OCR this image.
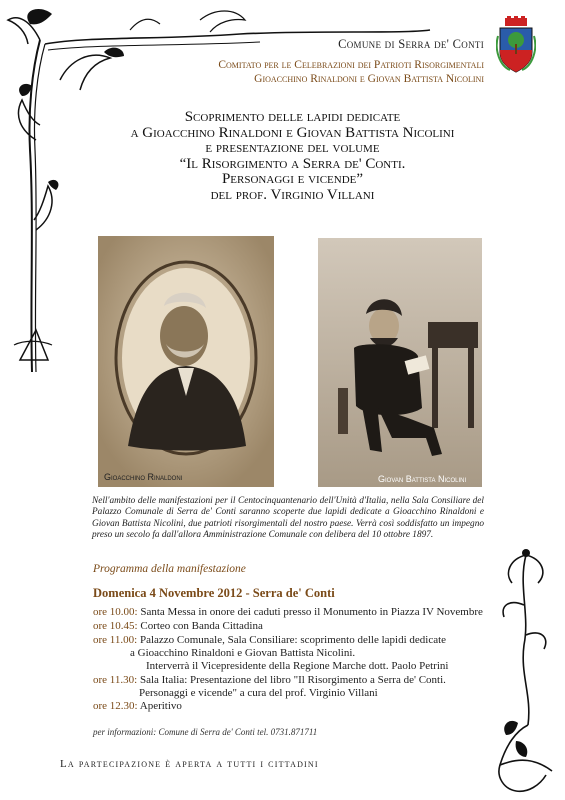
Comune di Serra de' Conti
Comitato per le Celebrazioni dei Patrioti Risorgimentali
Gioacchino Rinaldoni e Giovan Battista Nicolini
Scoprimento delle lapidi dedicate
a Gioacchino Rinaldoni e Giovan Battista Nicolini
e presentazione del volume
“Il Risorgimento a Serra de' Conti.
Personaggi e vicende”
del prof. Virginio Villani
Gioacchino Rinaldoni	Giovan Battista Nicolini
Nell'ambito delle manifestazioni per il Centocinquantenario dell'Unità d'Italia, nella Sala Consiliare del Palazzo Comunale di Serra de' Conti saranno scoperte due lapidi dedicate a Gioacchino Rinaldoni e Giovan Battista Nicolini, due patrioti risorgimentali del nostro paese. Verrà così soddisfatto un impegno preso un secolo fa dall'allora Amministrazione Comunale con delibera del 10 ottobre 1897.
Programma della manifestazione
Domenica 4 Novembre 2012 - Serra de' Conti
ore 10.00: Santa Messa in onore dei caduti presso il Monumento in Piazza IV Novembre
ore 10.45: Corteo con Banda Cittadina
ore 11.00: Palazzo Comunale, Sala Consiliare: scoprimento delle lapidi dedicate
a Gioacchino Rinaldoni e Giovan Battista Nicolini.
Interverrà il Vicepresidente della Regione Marche dott. Paolo Petrini
ore 11.30: Sala Italia: Presentazione del libro "Il Risorgimento a Serra de' Conti.
Personaggi e vicende" a cura del prof. Virginio Villani
ore 12.30: Aperitivo
per informazioni: Comune di Serra de' Conti tel. 0731.871711
La partecipazione è aperta a tutti i cittadini
